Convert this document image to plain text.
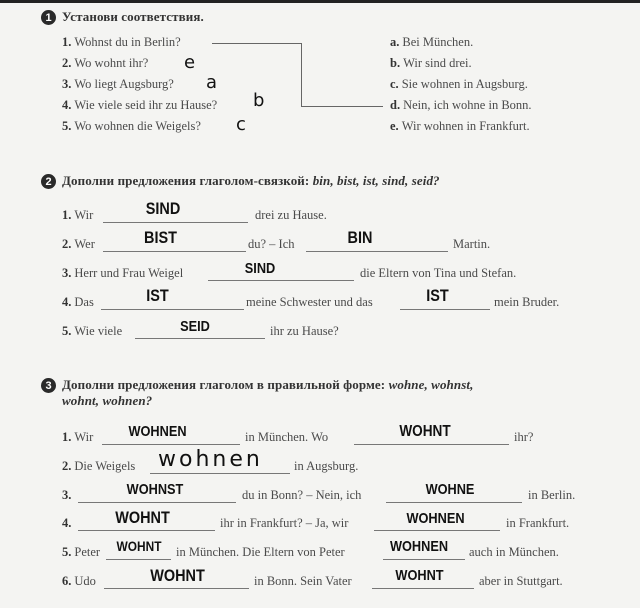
1 Установи соответствия.
1. Wohnst du in Berlin?
2. Wo wohnt ihr?
3. Wo liegt Augsburg?
4. Wie viele seid ihr zu Hause?
5. Wo wohnen die Weigels?
e
a
b
c
a. Bei München.
b. Wir sind drei.
c. Sie wohnen in Augsburg.
d. Nein, ich wohne in Bonn.
e. Wir wohnen in Frankfurt.
2 Дополни предложения глаголом-связкой: bin, bist, ist, sind, seid?
1. Wir	SIND	drei zu Hause.
2. Wer	BIST	du? – Ich	BIN	Martin.
3. Herr und Frau Weigel	SIND	die Eltern von Tina und Stefan.
4. Das	IST	meine Schwester und das	IST	mein Bruder.
5. Wie viele	SEID	ihr zu Hause?
3 Дополни предложения глаголом в правильной форме: wohne, wohnst,
wohnt, wohnen?
1. Wir	WOHNEN	in München. Wo	WOHNT	ihr?
2. Die Weigels wohnen in Augsburg.
3.	WOHNST	du in Bonn? – Nein, ich	WOHNE	in Berlin.
4.	WOHNT	ihr in Frankfurt? – Ja, wir	WOHNEN	in Frankfurt.
5. Peter	WOHNT	in München. Die Eltern von Peter	WOHNEN	auch in München.
6. Udo	WOHNT	in Bonn. Sein Vater	WOHNT	aber in Stuttgart.
